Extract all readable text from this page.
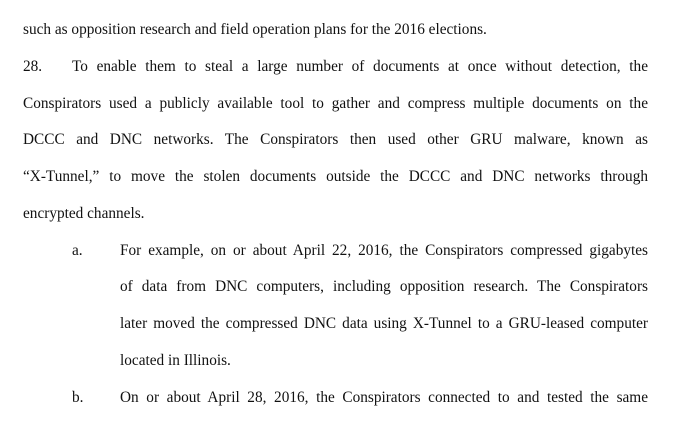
such as opposition research and field operation plans for the 2016 elections.
28. To enable them to steal a large number of documents at once without detection, the
Conspirators used a publicly available tool to gather and compress multiple documents on the
DCCC and DNC networks. The Conspirators then used other GRU malware, known as
“X-Tunnel,” to move the stolen documents outside the DCCC and DNC networks through
encrypted channels.
a. For example, on or about April 22, 2016, the Conspirators compressed gigabytes
of data from DNC computers, including opposition research. The Conspirators
later moved the compressed DNC data using X-Tunnel to a GRU-leased computer
located in Illinois.
b. On or about April 28, 2016, the Conspirators connected to and tested the same
